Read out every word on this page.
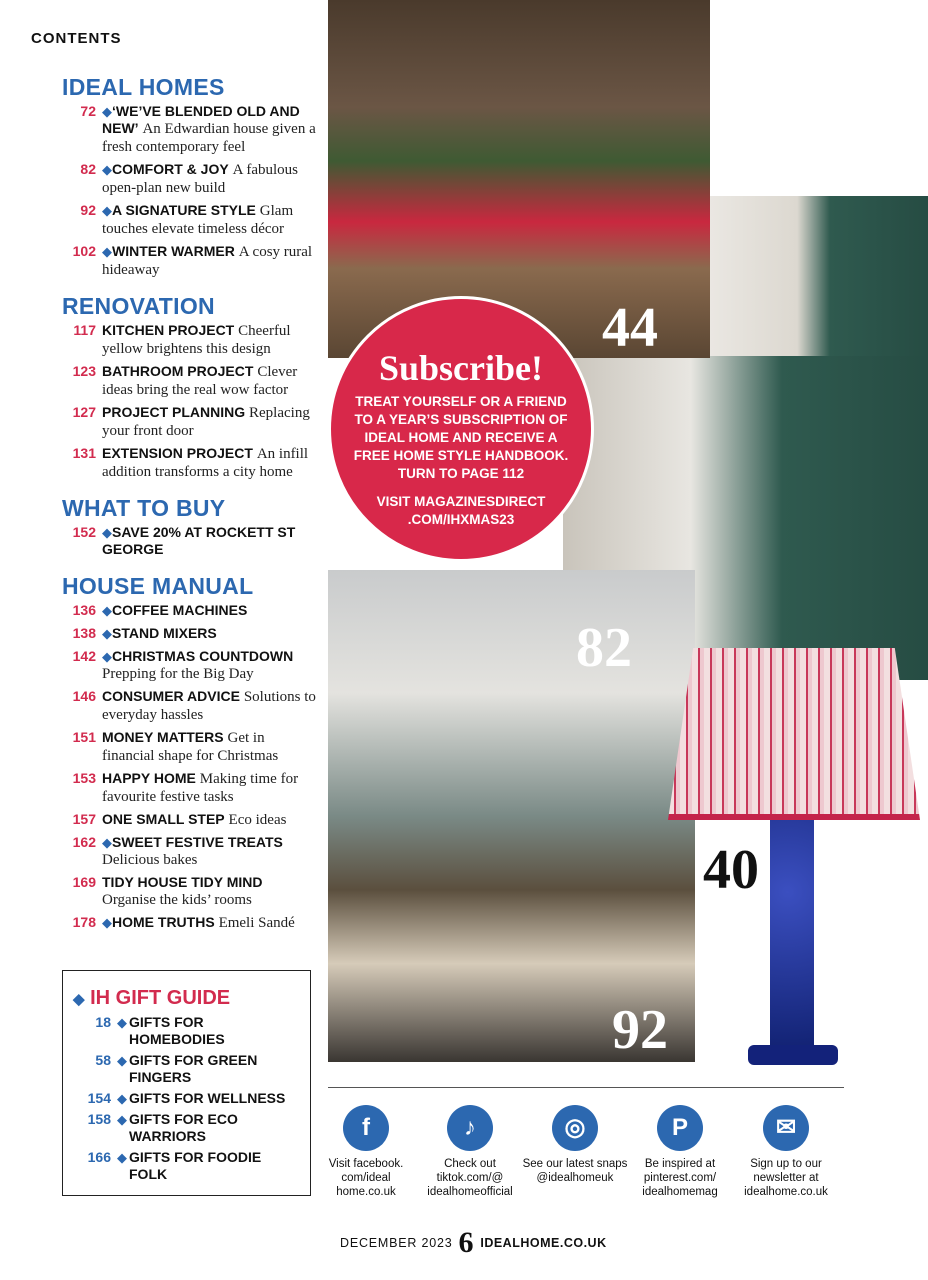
CONTENTS
IDEAL HOMES
72 ◆‘WE’VE BLENDED OLD AND NEW’ An Edwardian house given a fresh contemporary feel
82 ◆COMFORT & JOY A fabulous open-plan new build
92 ◆A SIGNATURE STYLE Glam touches elevate timeless décor
102 ◆WINTER WARMER A cosy rural hideaway
RENOVATION
117 KITCHEN PROJECT Cheerful yellow brightens this design
123 BATHROOM PROJECT Clever ideas bring the real wow factor
127 PROJECT PLANNING Replacing your front door
131 EXTENSION PROJECT An infill addition transforms a city home
WHAT TO BUY
152 ◆SAVE 20% AT ROCKETT ST GEORGE
HOUSE MANUAL
136 ◆COFFEE MACHINES
138 ◆STAND MIXERS
142 ◆CHRISTMAS COUNTDOWN Prepping for the Big Day
146 CONSUMER ADVICE Solutions to everyday hassles
151 MONEY MATTERS Get in financial shape for Christmas
153 HAPPY HOME Making time for favourite festive tasks
157 ONE SMALL STEP Eco ideas
162 ◆SWEET FESTIVE TREATS Delicious bakes
169 TIDY HOUSE TIDY MIND Organise the kids’ rooms
178 ◆HOME TRUTHS Emeli Sandé
◆ IH GIFT GUIDE
18 ◆ GIFTS FOR HOMEBODIES
58 ◆ GIFTS FOR GREEN FINGERS
154 ◆ GIFTS FOR WELLNESS
158 ◆ GIFTS FOR ECO WARRIORS
166 ◆ GIFTS FOR FOODIE FOLK
44
82
92
40
Subscribe!

TREAT YOURSELF OR A FRIEND TO A YEAR’S SUBSCRIPTION OF IDEAL HOME AND RECEIVE A FREE HOME STYLE HANDBOOK. TURN TO PAGE 112

VISIT MAGAZINESDIRECT .COM/IHXMAS23

f
Visit facebook. com/ideal home.co.uk
♪
Check out tiktok.com/@ idealhomeofficial
◎
See our latest snaps @idealhomeuk
P
Be inspired at pinterest.com/ idealhomemag
✉
Sign up to our newsletter at idealhome.co.uk
DECEMBER 2023 6 IDEALHOME.CO.UK
